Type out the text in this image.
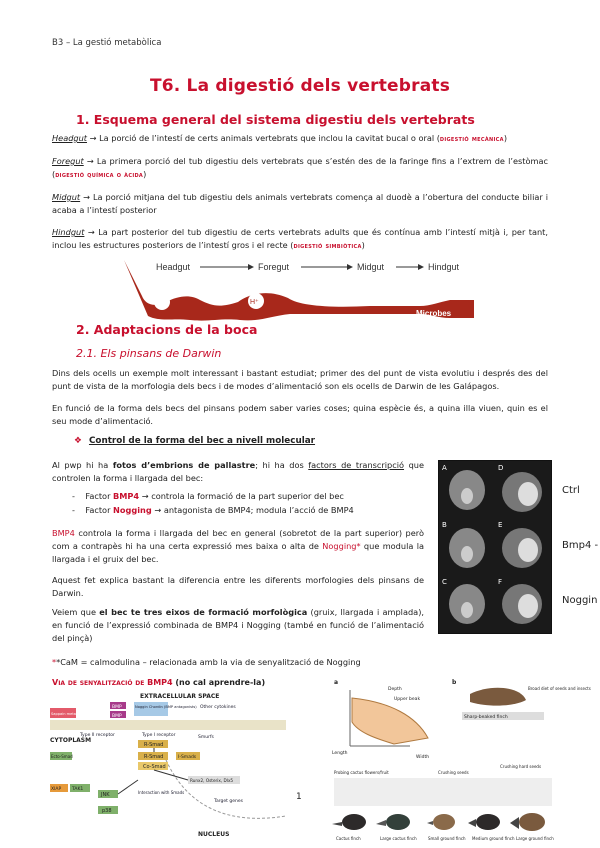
B3 – La gestió metabòlica
T6. La digestió dels vertebrats
1. Esquema general del sistema digestiu dels vertebrats
Headgut → La porció de l’intestí de certs animals vertebrats que inclou la cavitat bucal o oral (digestió mecànica)
Foregut → La primera porció del tub digestiu dels vertebrats que s’estén des de la faringe fins a l’extrem de l’estòmac (digestió química o àcida)
Midgut → La porció mitjana del tub digestiu dels animals vertebrats comença al duodè a l’obertura del conducte biliar i acaba a l’intestí posterior
Hindgut → La part posterior del tub digestiu de certs vertebrats adults que és contínua amb l’intestí mitjà i, per tant, inclou les estructures posteriors de l’intestí gros i el recte (digestió simbiòtica)
Headgut	Foregut	Midgut	Hindgut
H⁺
Microbes
2. Adaptacions de la boca
2.1. Els pinsans de Darwin
Dins dels ocells un exemple molt interessant i bastant estudiat; primer des del punt de vista evolutiu i després des del punt de vista de la morfologia dels becs i de modes d’alimentació son els ocells de Darwin de les Galápagos.
En funció de la forma dels becs del pinsans podem saber varies coses; quina espècie és, a quina illa viuen, quin es el seu mode d’alimentació.
❖ Control de la forma del bec a nivell molecular
Al pwp hi ha fotos d’embrions de pallastre; hi ha dos factors de transcripció que controlen la forma i llargada del bec:
-    Factor BMP4 → controla la formació de la part superior del bec
-    Factor Nogging → antagonista de BMP4; modula l’acció de BMP4
BMP4 controla la forma i llargada del bec en general (sobretot de la part superior) però com a contrapès hi ha una certa expressió mes baixa o alta de Nogging* que modula la llargada i el gruix del bec.
Aquest fet explica bastant la diferencia entre les diferents morfologies dels pinsans de Darwin.
Veiem que el bec te tres eixos de formació morfològica (gruix, llargada i amplada), en funció de l’expressió combinada de BMP4 i Nogging (també en funció de l’alimentació del pinçà)
**CaM = calmodulina – relacionada amb la via de senyalització de Nogging
Via de senyalització de BMP4 (no cal aprendre-la)
A	D
B	E
C	F
Ctrl
Bmp4 -
Noggin
EXTRACELLULAR SPACE
CYTOPLASM
NUCLEUS
BMP
BMP
Noggin Chordin (BMP antagonists) Other cytokines
Type II receptor	Type I receptor
R-Smad
R-Smad
Co-Smad
I-Smads
Smurfs
Runx2, Osterix, Dlx5
Target genes
Interaction with Smads
p38
JNK
TAK1
XIAP
Ecto-Smad
Sappain metabolites
a	b
Depth
Length
Width
Upper beak
Broad diet of seeds and insects
Sharp-beaked finch
Probing cactus flowers/fruit	Crushing seeds
Crushing hard seeds
Cactus finch	Large cactus finch	Small ground finch Medium ground finch Large ground finch
1
